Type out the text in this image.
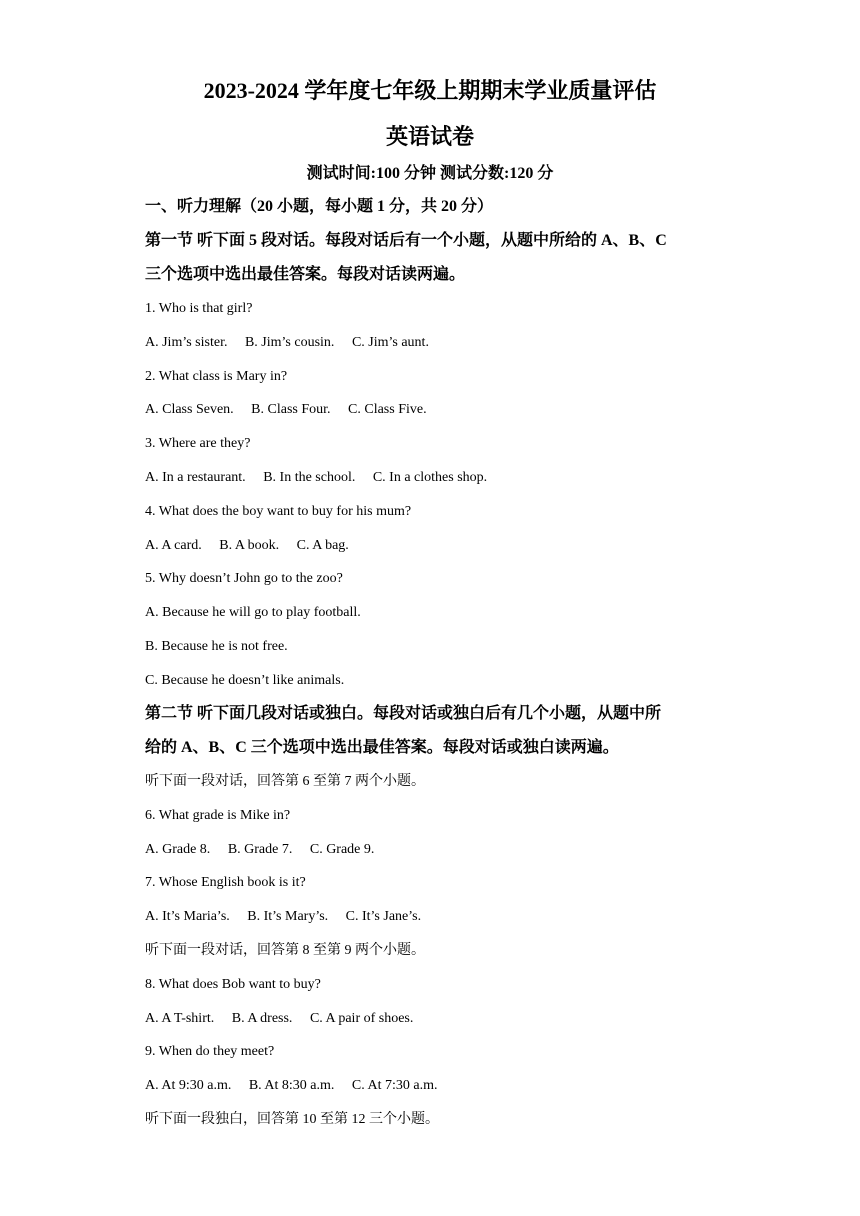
2023-2024 学年度七年级上期期末学业质量评估
英语试卷
测试时间:100 分钟 测试分数:120 分
一、听力理解（20 小题，每小题 1 分，共 20 分）
第一节 听下面 5 段对话。每段对话后有一个小题，从题中所给的 A、B、C
三个选项中选出最佳答案。每段对话读两遍。
1. Who is that girl?
A. Jim’s sister. B. Jim’s cousin. C. Jim’s aunt.
2. What class is Mary in?
A. Class Seven. B. Class Four. C. Class Five.
3. Where are they?
A. In a restaurant. B. In the school. C. In a clothes shop.
4. What does the boy want to buy for his mum?
A. A card. B. A book. C. A bag.
5. Why doesn’t John go to the zoo?
A. Because he will go to play football.
B. Because he is not free.
C. Because he doesn’t like animals.
第二节 听下面几段对话或独白。每段对话或独白后有几个小题，从题中所
给的 A、B、C 三个选项中选出最佳答案。每段对话或独白读两遍。
听下面一段对话，回答第 6 至第 7 两个小题。
6. What grade is Mike in?
A. Grade 8. B. Grade 7. C. Grade 9.
7. Whose English book is it?
A. It’s Maria’s. B. It’s Mary’s. C. It’s Jane’s.
听下面一段对话，回答第 8 至第 9 两个小题。
8. What does Bob want to buy?
A. A T-shirt. B. A dress. C. A pair of shoes.
9. When do they meet?
A. At 9:30 a.m. B. At 8:30 a.m. C. At 7:30 a.m.
听下面一段独白，回答第 10 至第 12 三个小题。
